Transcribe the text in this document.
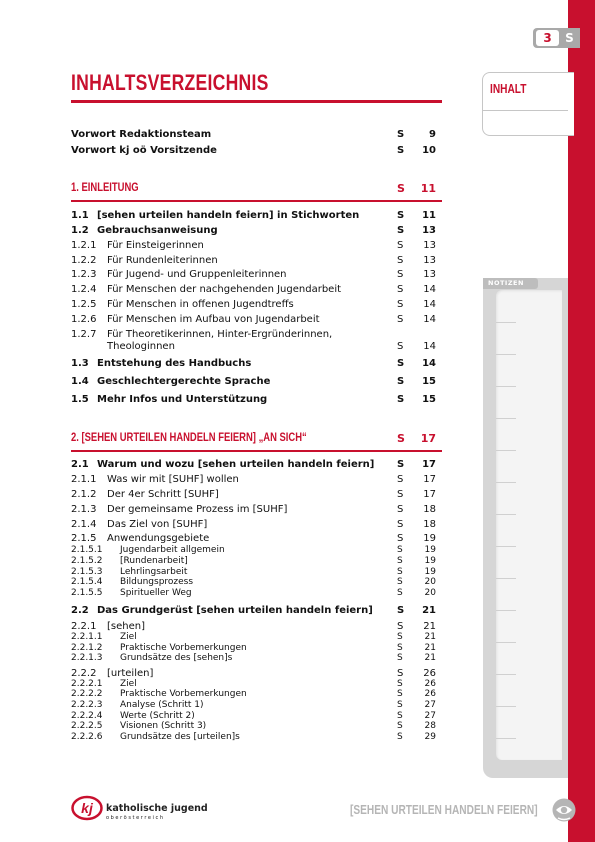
3	S
INHALT
INHALTSVERZEICHNIS
Vorwort Redaktionsteam	S 9
Vorwort kj oö Vorsitzende	S 10
1. EINLEITUNG	S 11
1.1 [sehen urteilen handeln feiern] in Stichworten	S 11
1.2 Gebrauchsanweisung	S 13
1.2.1 Für Einsteigerinnen	S 13
1.2.2 Für Rundenleiterinnen	S 13
1.2.3 Für Jugend- und Gruppenleiterinnen	S 13
1.2.4 Für Menschen der nachgehenden Jugendarbeit	S 14
1.2.5 Für Menschen in offenen Jugendtreffs	S 14
1.2.6 Für Menschen im Aufbau von Jugendarbeit	S 14
1.2.7 Für Theoretikerinnen, Hinter-Ergründerinnen,
Theologinnen	S 14
1.3 Entstehung des Handbuchs	S 14
1.4 Geschlechtergerechte Sprache	S 15
1.5 Mehr Infos und Unterstützung	S 15
2. [SEHEN URTEILEN HANDELN FEIERN] „AN SICH“	S 17
2.1 Warum und wozu [sehen urteilen handeln feiern] S 17
2.1.1 Was wir mit [SUHF] wollen	S 17
2.1.2 Der 4er Schritt [SUHF]	S 17
2.1.3 Der gemeinsame Prozess im [SUHF]	S 18
2.1.4 Das Ziel von [SUHF]	S 18
2.1.5 Anwendungsgebiete	S 19
2.1.5.1 Jugendarbeit allgemein	S 19
2.1.5.2 [Rundenarbeit]	S 19
2.1.5.3 Lehrlingsarbeit	S 19
2.1.5.4 Bildungsprozess	S 20
2.1.5.5 Spiritueller Weg	S 20
2.2 Das Grundgerüst [sehen urteilen handeln feiern] S 21
2.2.1 [sehen]	S 21
2.2.1.1 Ziel	S 21
2.2.1.2 Praktische Vorbemerkungen	S 21
2.2.1.3 Grundsätze des [sehen]s	S 21
2.2.2 [urteilen]	S 26
2.2.2.1 Ziel	S 26
2.2.2.2 Praktische Vorbemerkungen	S 26
2.2.2.3 Analyse (Schritt 1)	S 27
2.2.2.4 Werte (Schritt 2)	S 27
2.2.2.5 Visionen (Schritt 3)	S 28
2.2.2.6 Grundsätze des [urteilen]s	S 29
NOTIZEN
kj katholische jugend
oberösterreich
[SEHEN URTEILEN HANDELN FEIERN]
